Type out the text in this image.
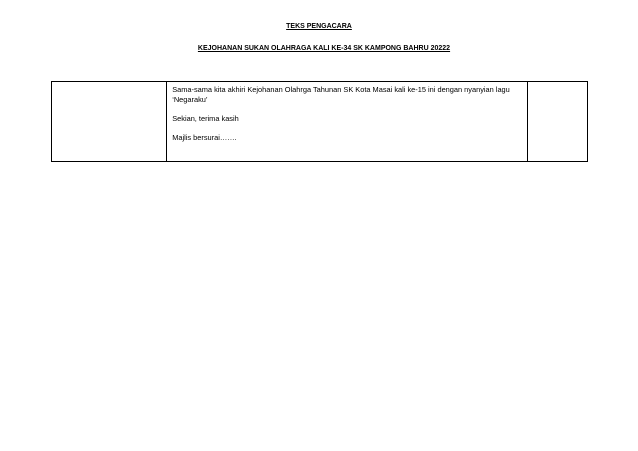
TEKS PENGACARA
KEJOHANAN SUKAN OLAHRAGA KALI KE-34 SK KAMPONG BAHRU 20222

Sama-sama kita akhiri Kejohanan Olahrga Tahunan SK Kota Masai kali ke-15 ini dengan nyanyian lagu ‘Negaraku’

Sekian, terima kasih

Majlis bersurai…….
